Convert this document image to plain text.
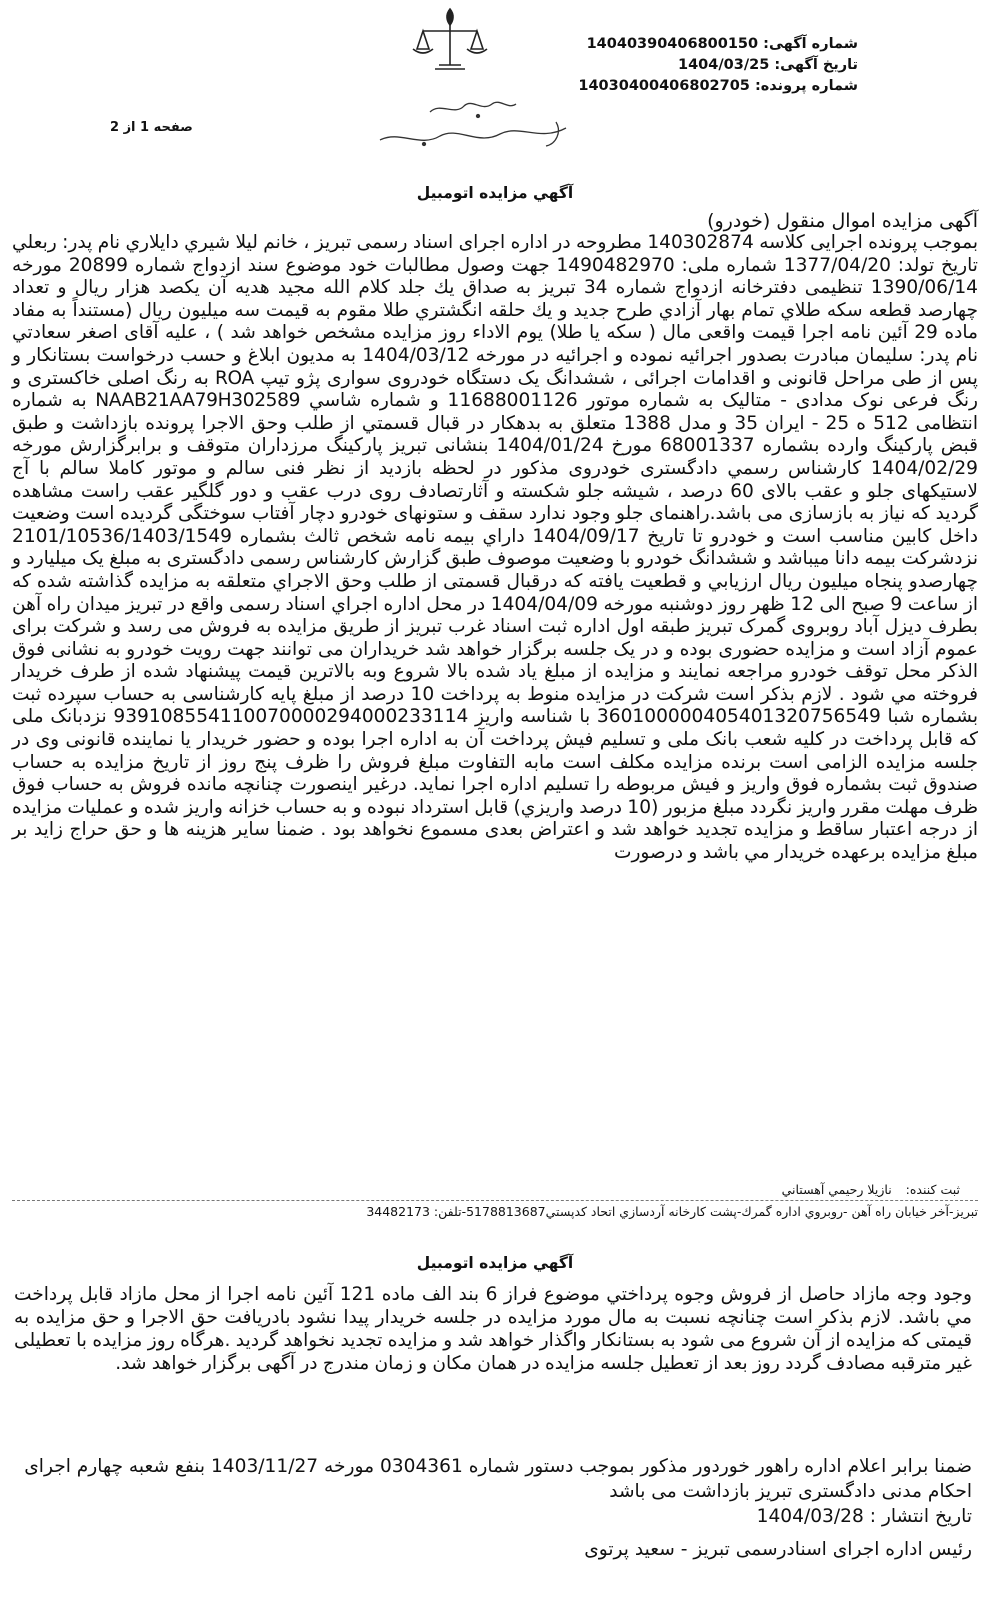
شماره آگهی: 14040390406800150
تاریخ آگهی: 1404/03/25
شماره پرونده: 14030400406802705
صفحه 1 از 2
آگهي مزايده اتومبيل
آگهی مزایده اموال منقول (خودرو)
بموجب پرونده اجرایی کلاسه 140302874 مطروحه در اداره اجرای اسناد رسمی تبریز ، خانم لیلا شيري دايلاري نام پدر: ربعلي تاريخ تولد: 1377/04/20 شماره ملی: 1490482970 جهت وصول مطالبات خود موضوع سند ازدواج شماره 20899 مورخه 1390/06/14 تنظیمی دفترخانه ازدواج شماره 34 تبریز به صداق يك جلد كلام الله مجيد هديه آن يكصد هزار ريال و تعداد چهارصد قطعه سكه طلاي تمام بهار آزادي طرح جديد و يك حلقه انگشتري طلا مقوم به قيمت سه ميليون ريال (مستنداً به مفاد ماده 29 آئين نامه اجرا قيمت واقعی مال ( سكه يا طلا) يوم الاداء روز مزايده مشخص خواهد شد ) ، علیه آقای اصغر سعادتي نام پدر: سليمان مبادرت بصدور اجرائيه نموده و اجرائيه در مورخه 1404/03/12 به مديون ابلاغ و حسب درخواست بستانكار و پس از طی مراحل قانونی و اقدامات اجرائی ، ششدانگ یک دستگاه خودروی سواری پژو تیپ ROA به رنگ اصلی خاکستری و رنگ فرعی نوک مدادی - متالیک به شماره موتور 11688001126 و شماره شاسي NAAB21AA79H302589 به شماره انتظامی 512 ه 25 - ایران 35 و مدل 1388 متعلق به بدهكار در قبال قسمتي از طلب وحق الاجرا پرونده بازداشت و طبق قبض پاركينگ وارده بشماره 68001337 مورخ 1404/01/24 بنشانی تبریز پارکینگ مرزداران متوقف و برابرگزارش مورخه 1404/02/29 کارشناس رسمي دادگستری خودروی مذکور در لحظه بازدید از نظر فنی سالم و موتور کاملا سالم با آج لاستیکهای جلو و عقب بالای 60 درصد ، شیشه جلو شکسته و آثارتصادف روی درب عقب و دور گلگیر عقب راست مشاهده گردید که نیاز به بازسازی می باشد.راهنمای جلو وجود ندارد سقف و ستونهای خودرو دچار آفتاب سوختگی گردیده است وضعیت داخل کابین مناسب است و خودرو تا تاریخ 1404/09/17 داراي بيمه نامه شخص ثالث بشماره 2101/10536/1403/1549 نزدشرکت بیمه دانا میباشد و ششدانگ خودرو با وضعیت موصوف طبق گزارش کارشناس رسمی دادگستری به مبلغ یک میلیارد و چهارصدو پنجاه میلیون ریال ارزيابي و قطعيت يافته كه درقبال قسمتی از طلب وحق الاجراي متعلقه به مزايده گذاشته شده كه از ساعت 9 صبح الی 12 ظهر روز دوشنبه مورخه 1404/04/09 در محل اداره اجراي اسناد رسمی واقع در تبریز میدان راه آهن بطرف دیزل آباد روبروی گمرک تبریز طبقه اول اداره ثبت اسناد غرب تبریز از طريق مزايده به فروش می رسد و شرکت برای عموم آزاد است و مزایده حضوری بوده و در یک جلسه برگزار خواهد شد خریداران می توانند جهت رویت خودرو به نشانی فوق الذکر محل توقف خودرو مراجعه نمايند و مزايده از مبلغ ياد شده بالا شروع وبه بالاترين قيمت پيشنهاد شده از طرف خريدار فروخته مي شود . لازم بذکر است شرکت در مزایده منوط به پرداخت 10 درصد از مبلغ پایه کارشناسی به حساب سپرده ثبت بشماره شبا 360100000405401320756549 با شناسه واریز 939108554110070000294000233114 نزدبانک ملی که قابل پرداخت در کلیه شعب بانک ملی و تسليم فيش پرداخت آن به اداره اجرا بوده و حضور خريدار يا نماينده قانونی وی در جلسه مزایده الزامی است برنده مزايده مكلف است مابه التفاوت مبلغ فروش را ظرف پنج روز از تاريخ مزايده به حساب صندوق ثبت بشماره فوق واريز و فيش مربوطه را تسليم اداره اجرا نمايد. درغير اينصورت چنانچه مانده فروش به حساب فوق ظرف مهلت مقرر واريز نگردد مبلغ مزبور (10 درصد واريزي) قابل استرداد نبوده و به حساب خزانه واريز شده و عمليات مزايده از درجه اعتبار ساقط و مزايده تجديد خواهد شد و اعتراض بعدی مسموع نخواهد بود . ضمنا ساير هزينه ها و حق حراج زايد بر مبلغ مزايده برعهده خريدار مي باشد و درصورت
ثبت كننده: نازيلا رحيمي آهستاني
تبريز-آخر خيابان راه آهن -روبروي اداره گمرك-پشت كارخانه آردسازي اتحاد كدپستي5178813687-تلفن: 34482173
آگهي مزايده اتومبيل
وجود وجه مازاد حاصل از فروش وجوه پرداختي موضوع فراز 6 بند الف ماده 121 آئین نامه اجرا از محل مازاد قابل پرداخت مي باشد. لازم بذكر است چنانچه نسبت به مال مورد مزايده در جلسه خريدار پيدا نشود بادريافت حق الاجرا و حق مزايده به قيمتی كه مزايده از آن شروع می شود به بستانكار واگذار خواهد شد و مزايده تجديد نخواهد گرديد .هرگاه روز مزايده با تعطيلی غير مترقبه مصادف گردد روز بعد از تعطيل جلسه مزايده در همان مكان و زمان مندرج در آگهی برگزار خواهد شد.
ضمنا برابر اعلام اداره راهور خوردور مذکور بموجب دستور شماره 0304361 مورخه 1403/11/27 بنفع شعبه چهارم اجرای احکام مدنی دادگستری تبریز بازداشت می باشد
تاریخ انتشار : 1404/03/28
رئیس اداره اجرای اسنادرسمی تبریز - سعید پرتوی
